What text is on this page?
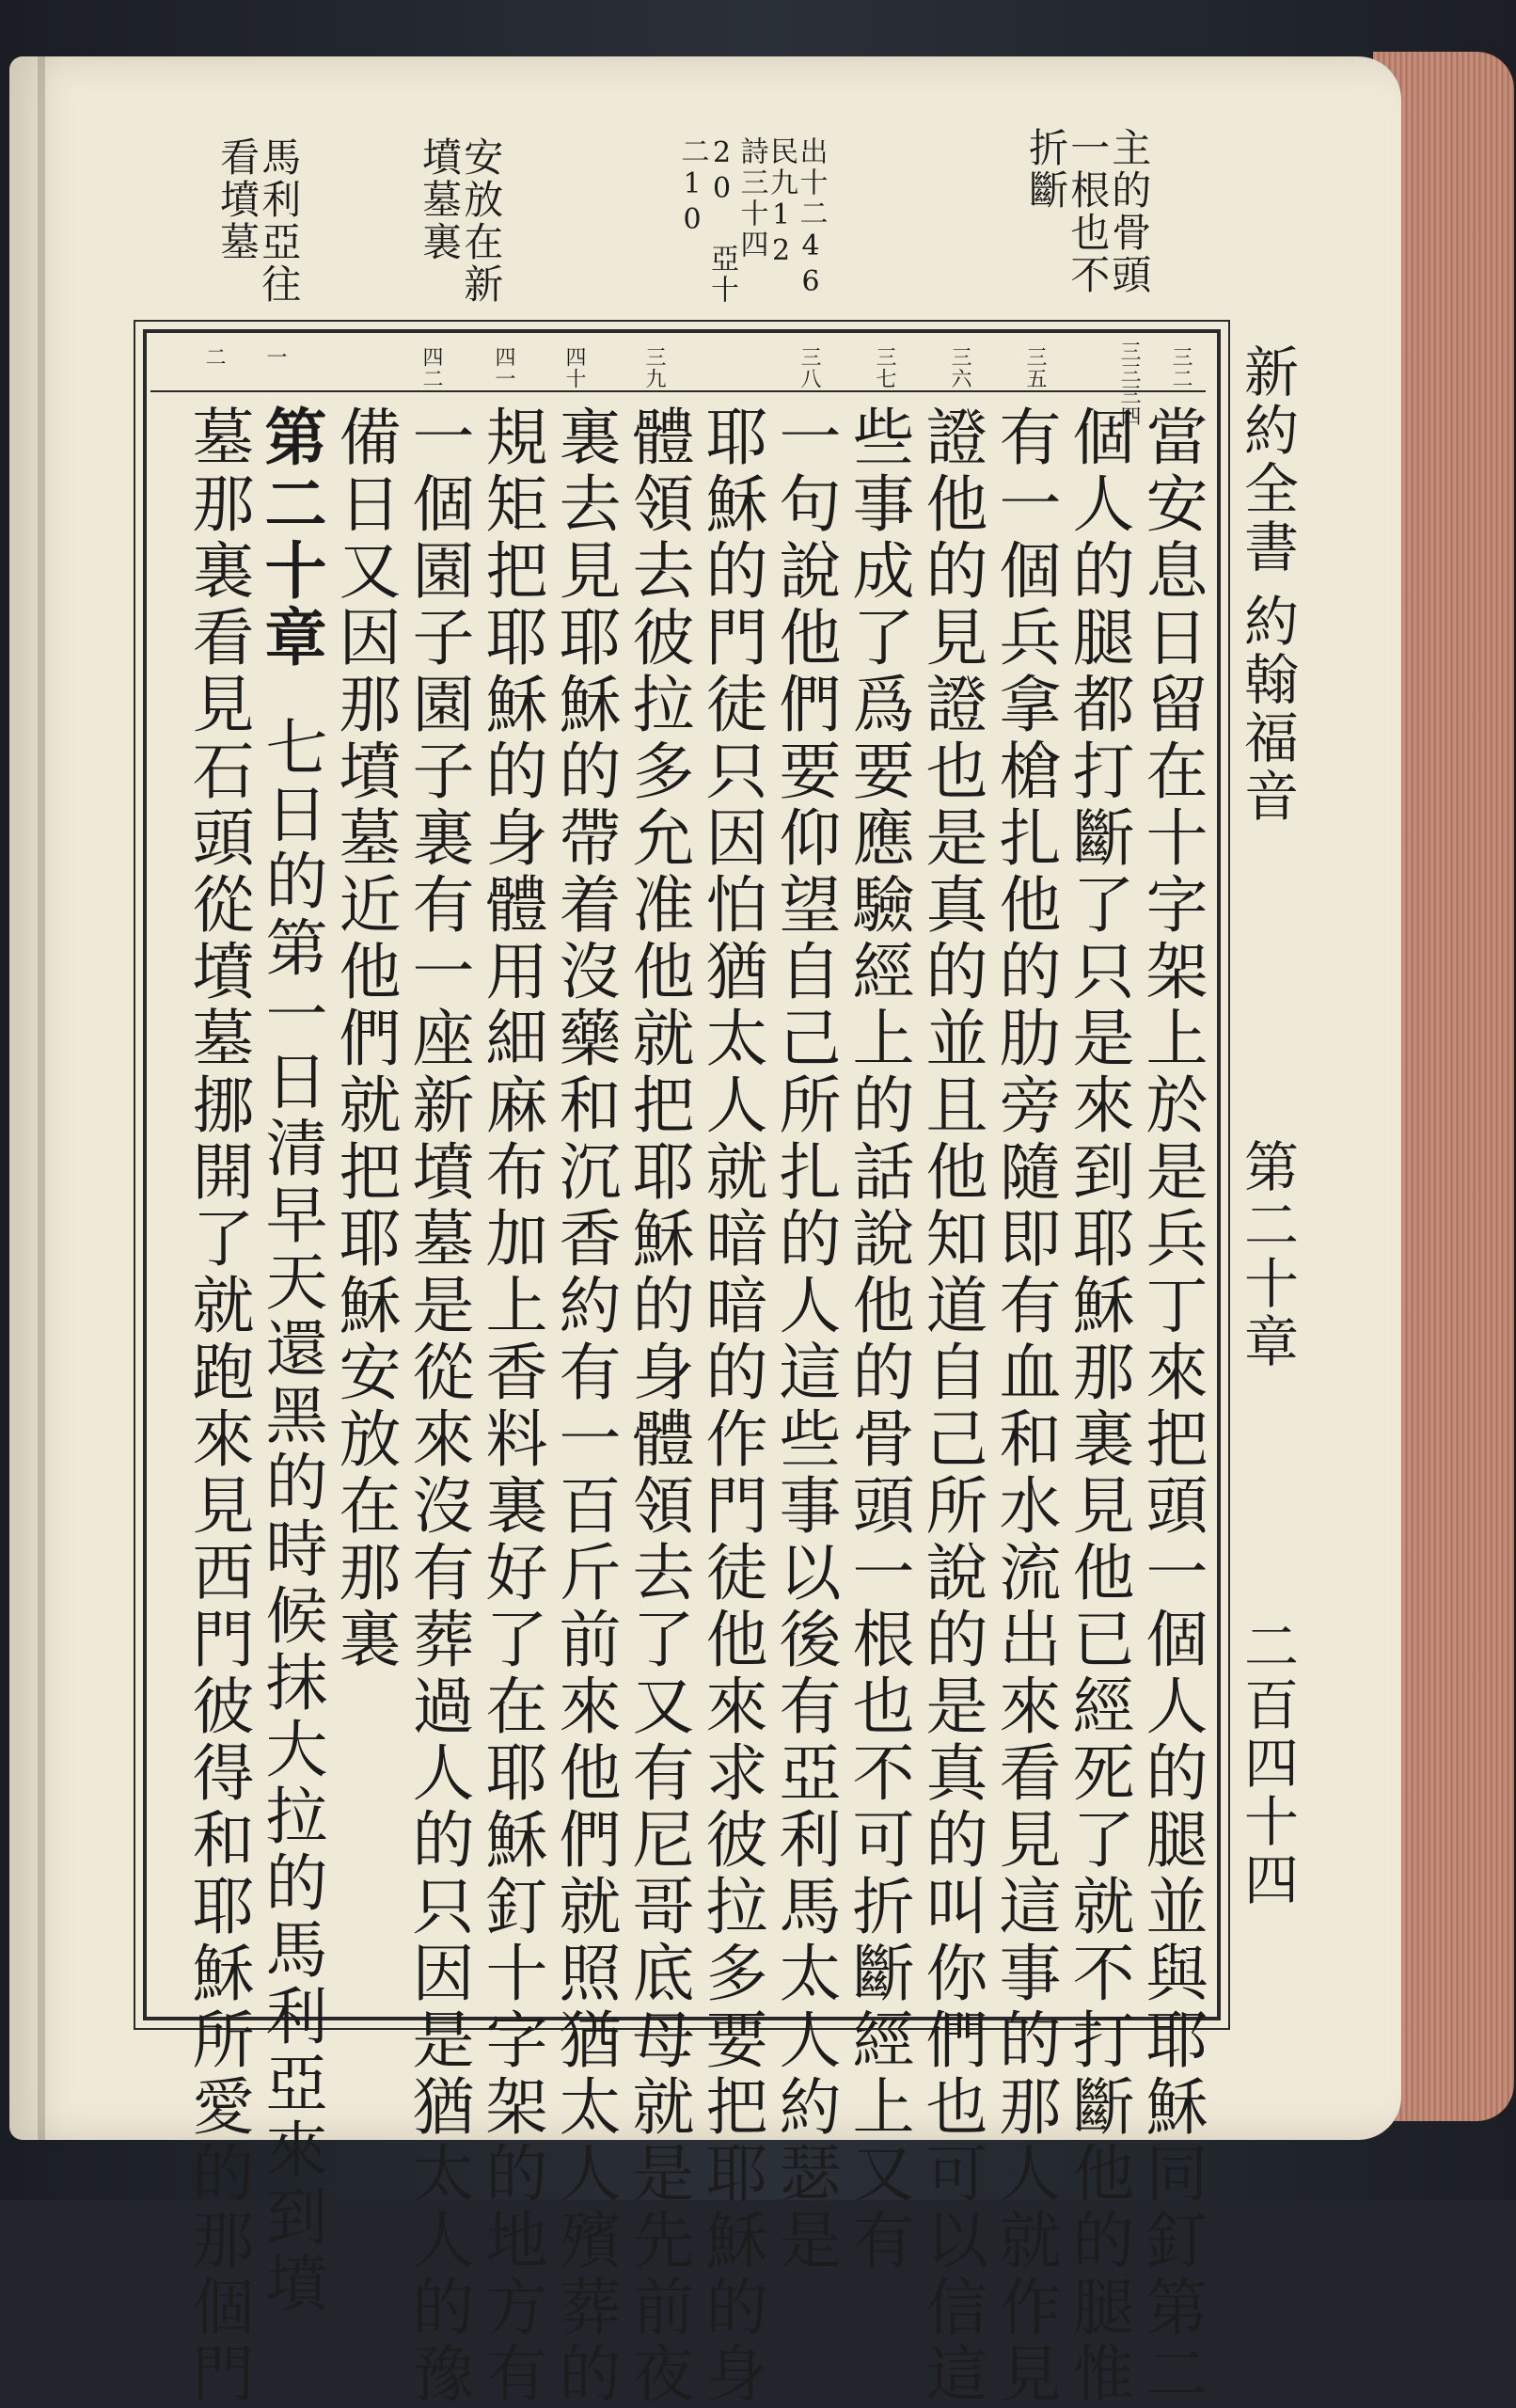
新約全書
約翰福音
第二十章
二百四十四
主的骨頭一根也不折斷
出十二46 民九12 詩三十四20 亞十二10
安放在新墳墓裏
馬利亞往看墳墓
三二
三三三四
三五
三六
三七
三八
三九
四十
四一
四二
一
二
當安息日留在十字架上於是兵丁來把頭一個人的腿並與耶穌同釘第二
個人的腿都打斷了只是來到耶穌那裏見他已經死了就不打斷他的腿惟
有一個兵拿槍扎他的肋旁隨即有血和水流出來看見這事的那人就作見
證他的見證也是真的並且他知道自己所說的是真的叫你們也可以信這
些事成了爲要應驗經上的話說他的骨頭一根也不可折斷經上又有
一句說他們要仰望自己所扎的人這些事以後有亞利馬太人約瑟是
耶穌的門徒只因怕猶太人就暗暗的作門徒他來求彼拉多要把耶穌的身
體領去彼拉多允准他就把耶穌的身體領去了又有尼哥底母就是先前夜
裏去見耶穌的帶着沒藥和沉香約有一百斤前來他們就照猶太人殯葬的
規矩把耶穌的身體用細麻布加上香料裏好了在耶穌釘十字架的地方有
一個園子園子裏有一座新墳墓是從來沒有葬過人的只因是猶太人的豫
備日又因那墳墓近他們就把耶穌安放在那裏
第二十章
七日的第一日清早天還黑的時候抹大拉的馬利亞來到墳
墓那裏看見石頭從墳墓挪開了就跑來見西門彼得和耶穌所愛的那個門
